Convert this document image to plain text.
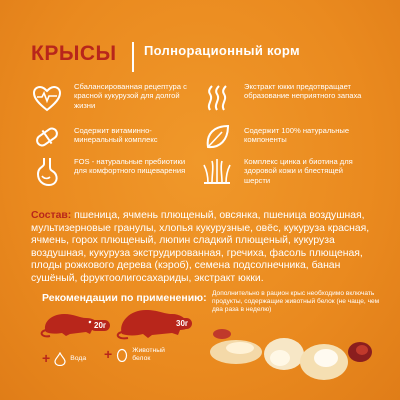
КРЫСЫ Полнорационный корм
Сбалансированная рецептура с красной кукурузой для долгой жизни
Экстракт юкки предотвращает образование неприятного запаха
Содержит витаминно-минеральный комплекс
Содержит 100% натуральные компоненты
FOS - натуральные пребиотики для комфортного пищеварения
Комплекс цинка и биотина для здоровой кожи и блестящей шерсти
Состав: пшеница, ячмень плющеный, овсянка, пшеница воздушная, мультизерновые гранулы, хлопья кукурузные, овёс, кукуруза красная, ячмень, горох плющеный, люпин сладкий плющеный, кукуруза воздушная, кукуруза экструдированная, гречиха, фасоль плющеная, плоды рожкового дерева (кэроб), семена подсолнечника, банан сушёный, фруктоолигосахариды, экстракт юкки.
Рекомендации по применению:
20г	30г
+	Вода +	Животный белок
Дополнительно в рацион крыс необходимо включать продукты, содержащие животный белок (не чаще, чем два раза в неделю)
